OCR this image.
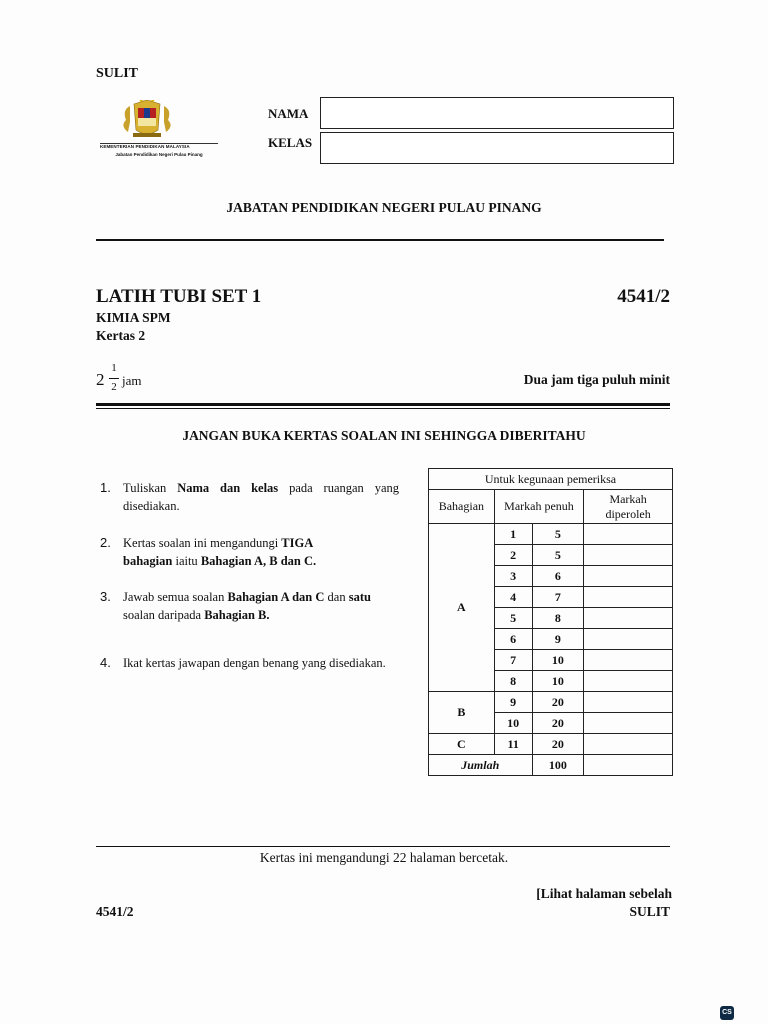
SULIT
KEMENTERIAN PENDIDIKAN MALAYSIA
Jabatan Pendidikan Negeri Pulau Pinang
NAMA
KELAS
JABATAN PENDIDIKAN NEGERI PULAU PINANG
LATIH TUBI SET 1	4541/2
KIMIA SPM
Kertas 2
2
1
2 jam	Dua jam tiga puluh minit
JANGAN BUKA KERTAS SOALAN INI SEHINGGA DIBERITAHU
1. Tuliskan Nama dan kelas pada ruangan yang disediakan.

2. Kertas soalan ini mengandungi TIGA bahagian iaitu Bahagian A, B dan C.

3. Jawab semua soalan Bahagian A dan C dan satu soalan daripada Bahagian B.

4. Ikat kertas jawapan dengan benang yang disediakan.

Untuk kegunaan pemeriksa			
Bahagian	Markah penuh		Markah diperoleh
A	1	5	
	2	5	
	3	6	
	4	7	
	5	8	
	6	9	
	7	10	
	8	10	
B	9	20	
	10	20	
C	11	20	
Jumlah		100	
Kertas ini mengandungi 22 halaman bercetak.
[Lihat halaman sebelah
4541/2	SULIT
CS
